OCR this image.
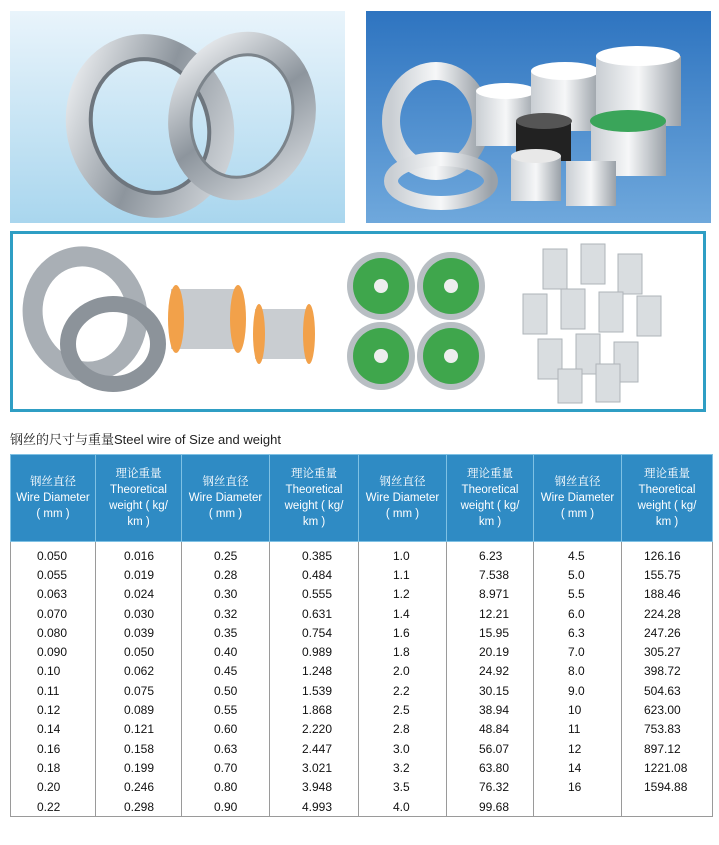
钢丝的尺寸与重量Steel wire of Size and weight
钢丝直径
Wire Diameter
( mm )	理论重量
Theoretical
weight ( kg/
km )	钢丝直径
Wire Diameter
( mm )	理论重量
Theoretical
weight ( kg/
km )	钢丝直径
Wire Diameter
( mm )	理论重量
Theoretical
weight ( kg/
km )	钢丝直径
Wire Diameter
( mm )	理论重量
Theoretical
weight ( kg/
km )

0.050	0.016	0.25	0.385	1.0	6.23	4.5	126.16
0.055	0.019	0.28	0.484	1.1	7.538	5.0	155.75
0.063	0.024	0.30	0.555	1.2	8.971	5.5	188.46
0.070	0.030	0.32	0.631	1.4	12.21	6.0	224.28
0.080	0.039	0.35	0.754	1.6	15.95	6.3	247.26
0.090	0.050	0.40	0.989	1.8	20.19	7.0	305.27
0.10	0.062	0.45	1.248	2.0	24.92	8.0	398.72
0.11	0.075	0.50	1.539	2.2	30.15	9.0	504.63
0.12	0.089	0.55	1.868	2.5	38.94	10	623.00
0.14	0.121	0.60	2.220	2.8	48.84	11	753.83
0.16	0.158	0.63	2.447	3.0	56.07	12	897.12
0.18	0.199	0.70	3.021	3.2	63.80	14	1221.08
0.20	0.246	0.80	3.948	3.5	76.32	16	1594.88
0.22	0.298	0.90	4.993	4.0	99.68		
